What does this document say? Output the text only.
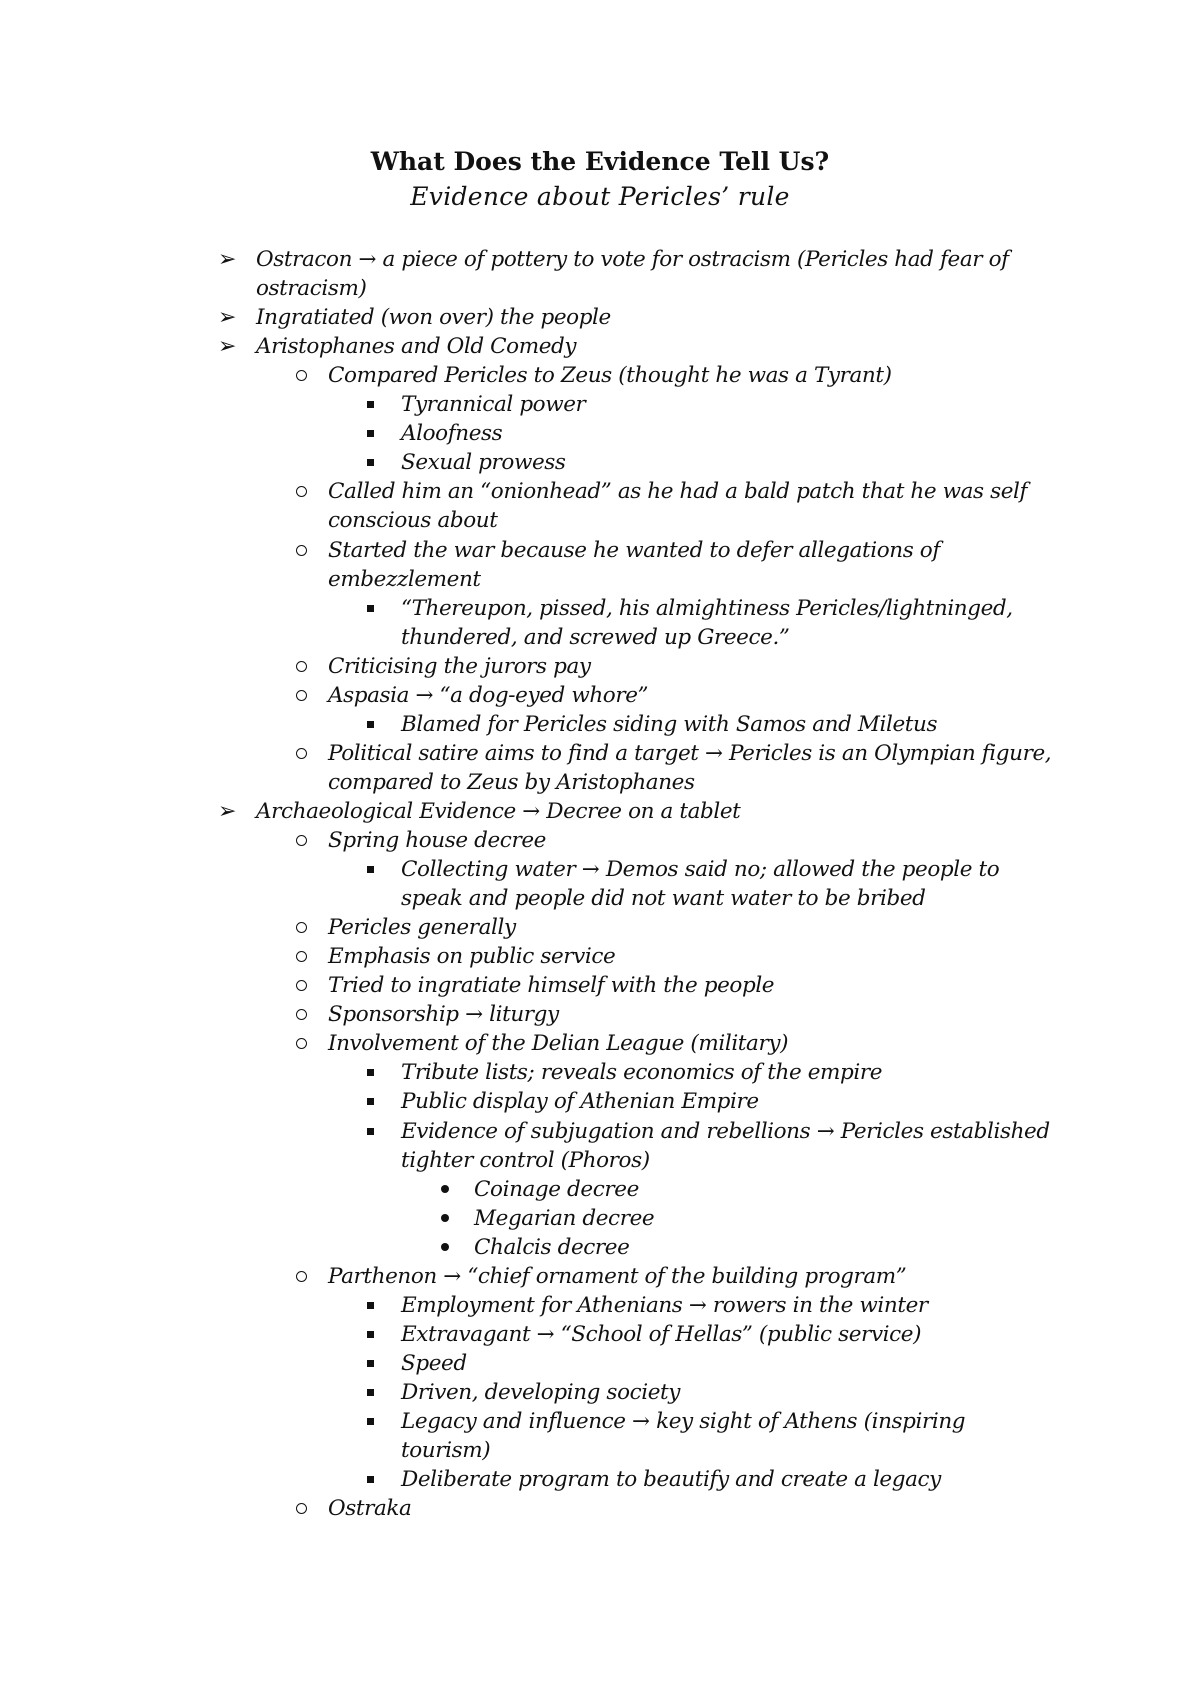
What Does the Evidence Tell Us?
Evidence about Pericles’ rule
➢ Ostracon → a piece of pottery to vote for ostracism (Pericles had fear of
ostracism)
➢ Ingratiated (won over) the people
➢ Aristophanes and Old Comedy
Compared Pericles to Zeus (thought he was a Tyrant)
Tyrannical power
Aloofness
Sexual prowess
Called him an “onionhead” as he had a bald patch that he was self
conscious about
Started the war because he wanted to defer allegations of
embezzlement
“Thereupon, pissed, his almightiness Pericles/lightninged,
thundered, and screwed up Greece.”
Criticising the jurors pay
Aspasia → “a dog-eyed whore”
Blamed for Pericles siding with Samos and Miletus
Political satire aims to find a target → Pericles is an Olympian figure,
compared to Zeus by Aristophanes
➢ Archaeological Evidence → Decree on a tablet
Spring house decree
Collecting water → Demos said no; allowed the people to
speak and people did not want water to be bribed
Pericles generally
Emphasis on public service
Tried to ingratiate himself with the people
Sponsorship → liturgy
Involvement of the Delian League (military)
Tribute lists; reveals economics of the empire
Public display of Athenian Empire
Evidence of subjugation and rebellions → Pericles established
tighter control (Phoros)
Coinage decree
Megarian decree
Chalcis decree
Parthenon → “chief ornament of the building program”
Employment for Athenians → rowers in the winter
Extravagant → “School of Hellas” (public service)
Speed
Driven, developing society
Legacy and influence → key sight of Athens (inspiring
tourism)
Deliberate program to beautify and create a legacy
Ostraka
